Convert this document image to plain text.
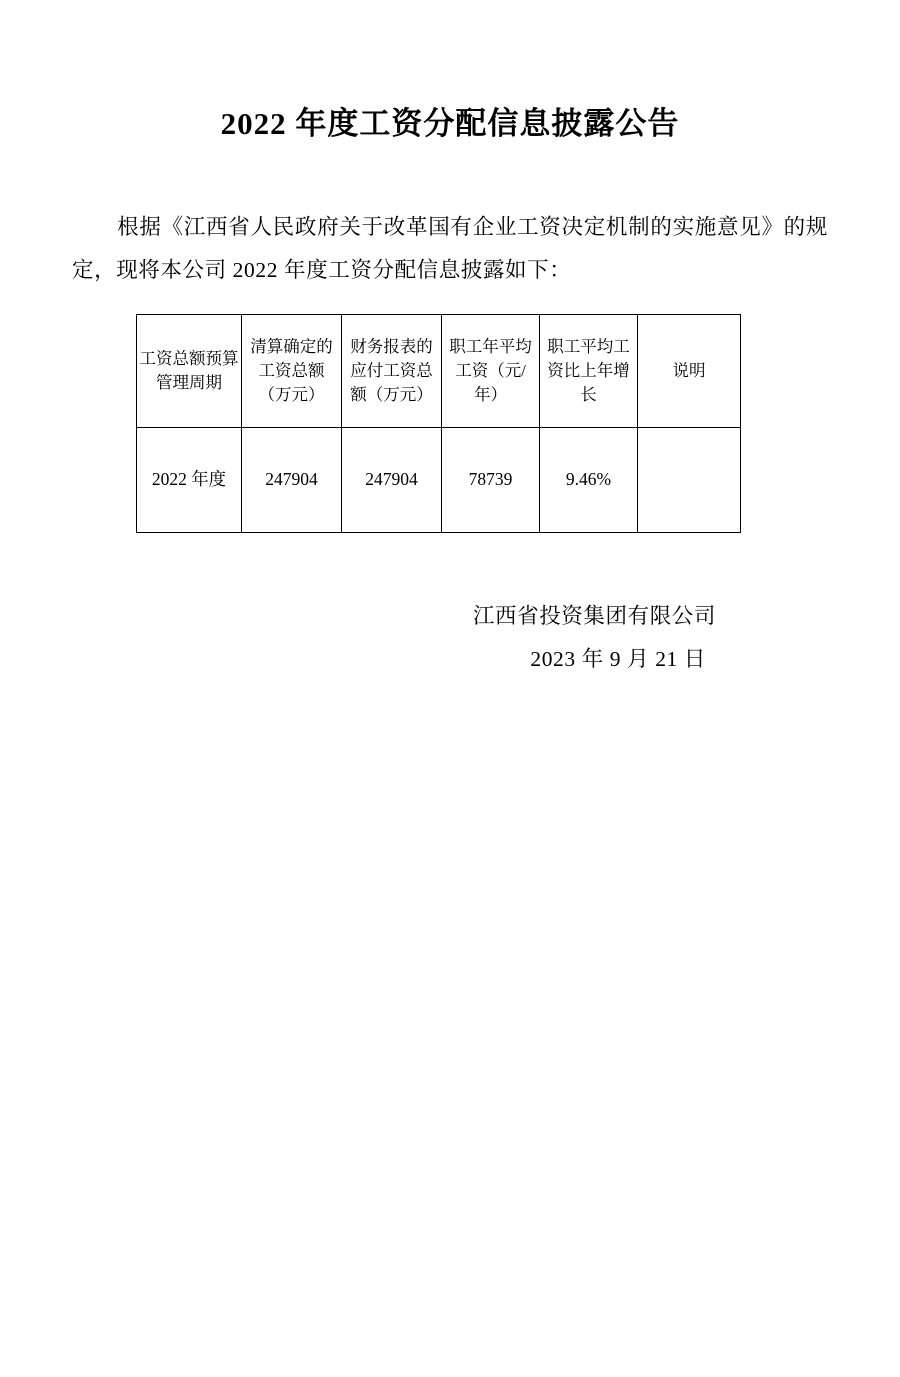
2022 年度工资分配信息披露公告

根据《江西省人民政府关于改革国有企业工资决定机制的实施意见》的规定，现将本公司 2022 年度工资分配信息披露如下：

工资总额预算管理周期	清算确定的工资总额（万元）	财务报表的应付工资总额（万元）	职工年平均工资（元/年）	职工平均工资比上年增长	说明
2022 年度	247904	247904	78739	9.46%	
江西省投资集团有限公司
2023 年 9 月 21 日
